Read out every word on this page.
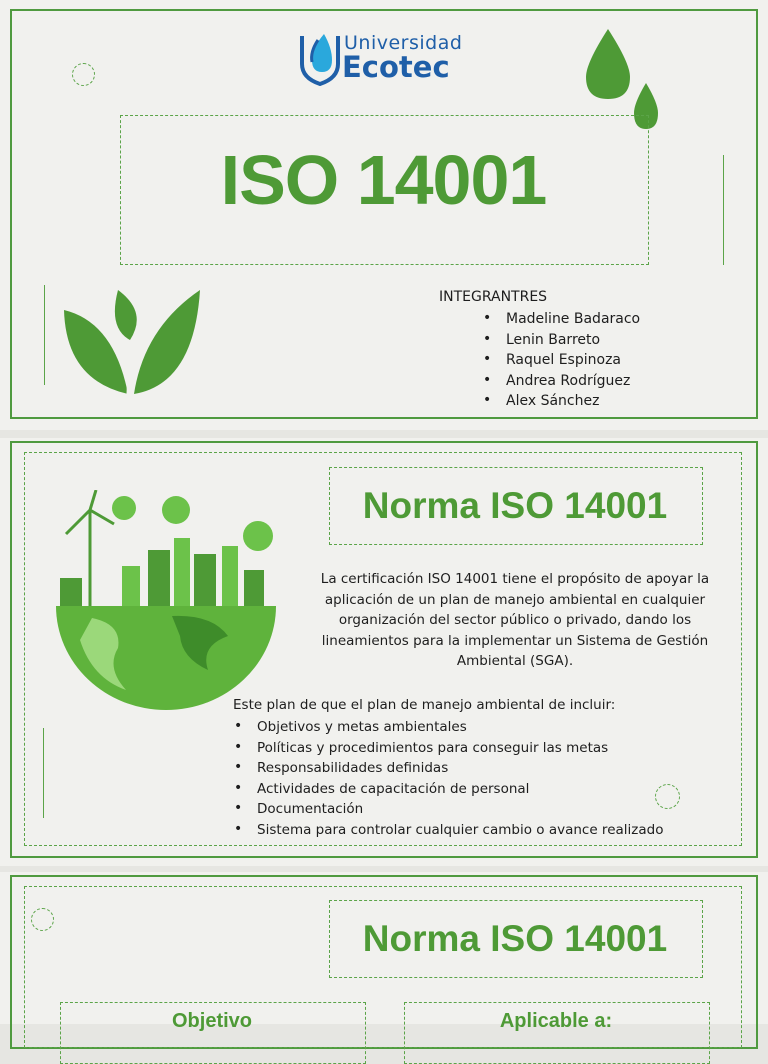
Universidad
Ecotec
ISO 14001
INTEGRANTRES
• Madeline Badaraco
• Lenin Barreto
• Raquel Espinoza
• Andrea Rodríguez
• Alex Sánchez
Norma ISO 14001
La certificación ISO 14001 tiene el propósito de apoyar la aplicación de un plan de manejo ambiental en cualquier organización del sector público o privado, dando los lineamientos para la implementar un Sistema de Gestión Ambiental (SGA).
Este plan de que el plan de manejo ambiental de incluir:
• Objetivos y metas ambientales
• Políticas y procedimientos para conseguir las metas
• Responsabilidades definidas
• Actividades de capacitación de personal
• Documentación
• Sistema para controlar cualquier cambio o avance realizado
Norma ISO 14001
Objetivo	Aplicable a:
